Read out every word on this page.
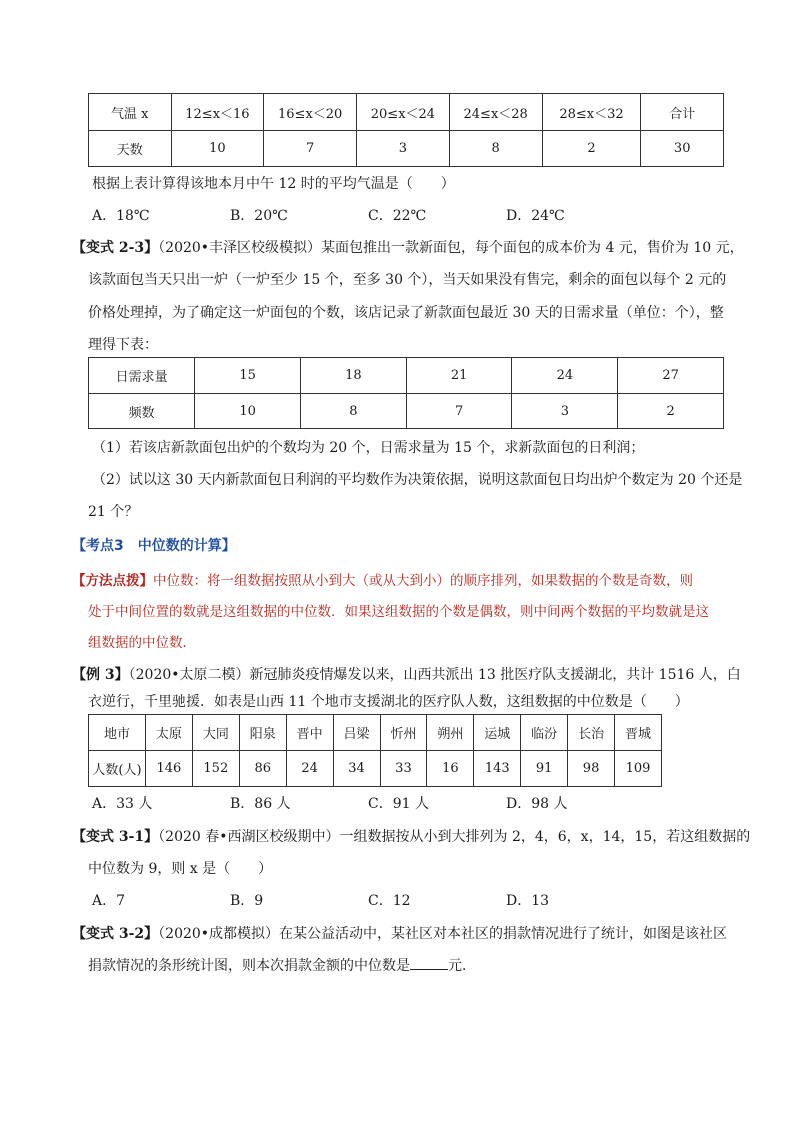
气温 x	12≤x＜16	16≤x＜20	20≤x＜24	24≤x＜28	28≤x＜32	合计
天数	10	7	3	8	2	30
根据上表计算得该地本月中午 12 时的平均气温是（　　）
A．18℃	B．20℃	C．22℃	D．24℃
【变式 2-3】（2020•丰泽区校级模拟）某面包推出一款新面包，每个面包的成本价为 4 元，售价为 10 元，
该款面包当天只出一炉（一炉至少 15 个，至多 30 个），当天如果没有售完，剩余的面包以每个 2 元的
价格处理掉，为了确定这一炉面包的个数，该店记录了新款面包最近 30 天的日需求量（单位：个），整
理得下表：
日需求量	15	18	21	24	27
频数	10	8	7	3	2
（1）若该店新款面包出炉的个数均为 20 个，日需求量为 15 个，求新款面包的日利润；
（2）试以这 30 天内新款面包日利润的平均数作为决策依据，说明这款面包日均出炉个数定为 20 个还是
21 个？
【考点3　中位数的计算】
【方法点拨】中位数：将一组数据按照从小到大（或从大到小）的顺序排列，如果数据的个数是奇数，则
处于中间位置的数就是这组数据的中位数．如果这组数据的个数是偶数，则中间两个数据的平均数就是这
组数据的中位数．
【例 3】（2020•太原二模）新冠肺炎疫情爆发以来，山西共派出 13 批医疗队支援湖北，共计 1516 人，白
衣逆行，千里驰援．如表是山西 11 个地市支援湖北的医疗队人数，这组数据的中位数是（　　）
地市	太原	大同	阳泉	晋中	吕梁	忻州	朔州	运城	临汾	长治	晋城
人数(人)	146	152	86	24	34	33	16	143	91	98	109
A．33 人	B．86 人	C．91 人	D．98 人
【变式 3-1】（2020 春•西湖区校级期中）一组数据按从小到大排列为 2，4，6，x，14，15，若这组数据的
中位数为 9，则 x 是（　　）
A．7	B．9	C．12	D．13
【变式 3-2】（2020•成都模拟）在某公益活动中，某社区对本社区的捐款情况进行了统计，如图是该社区
捐款情况的条形统计图，则本次捐款金额的中位数是	元．
